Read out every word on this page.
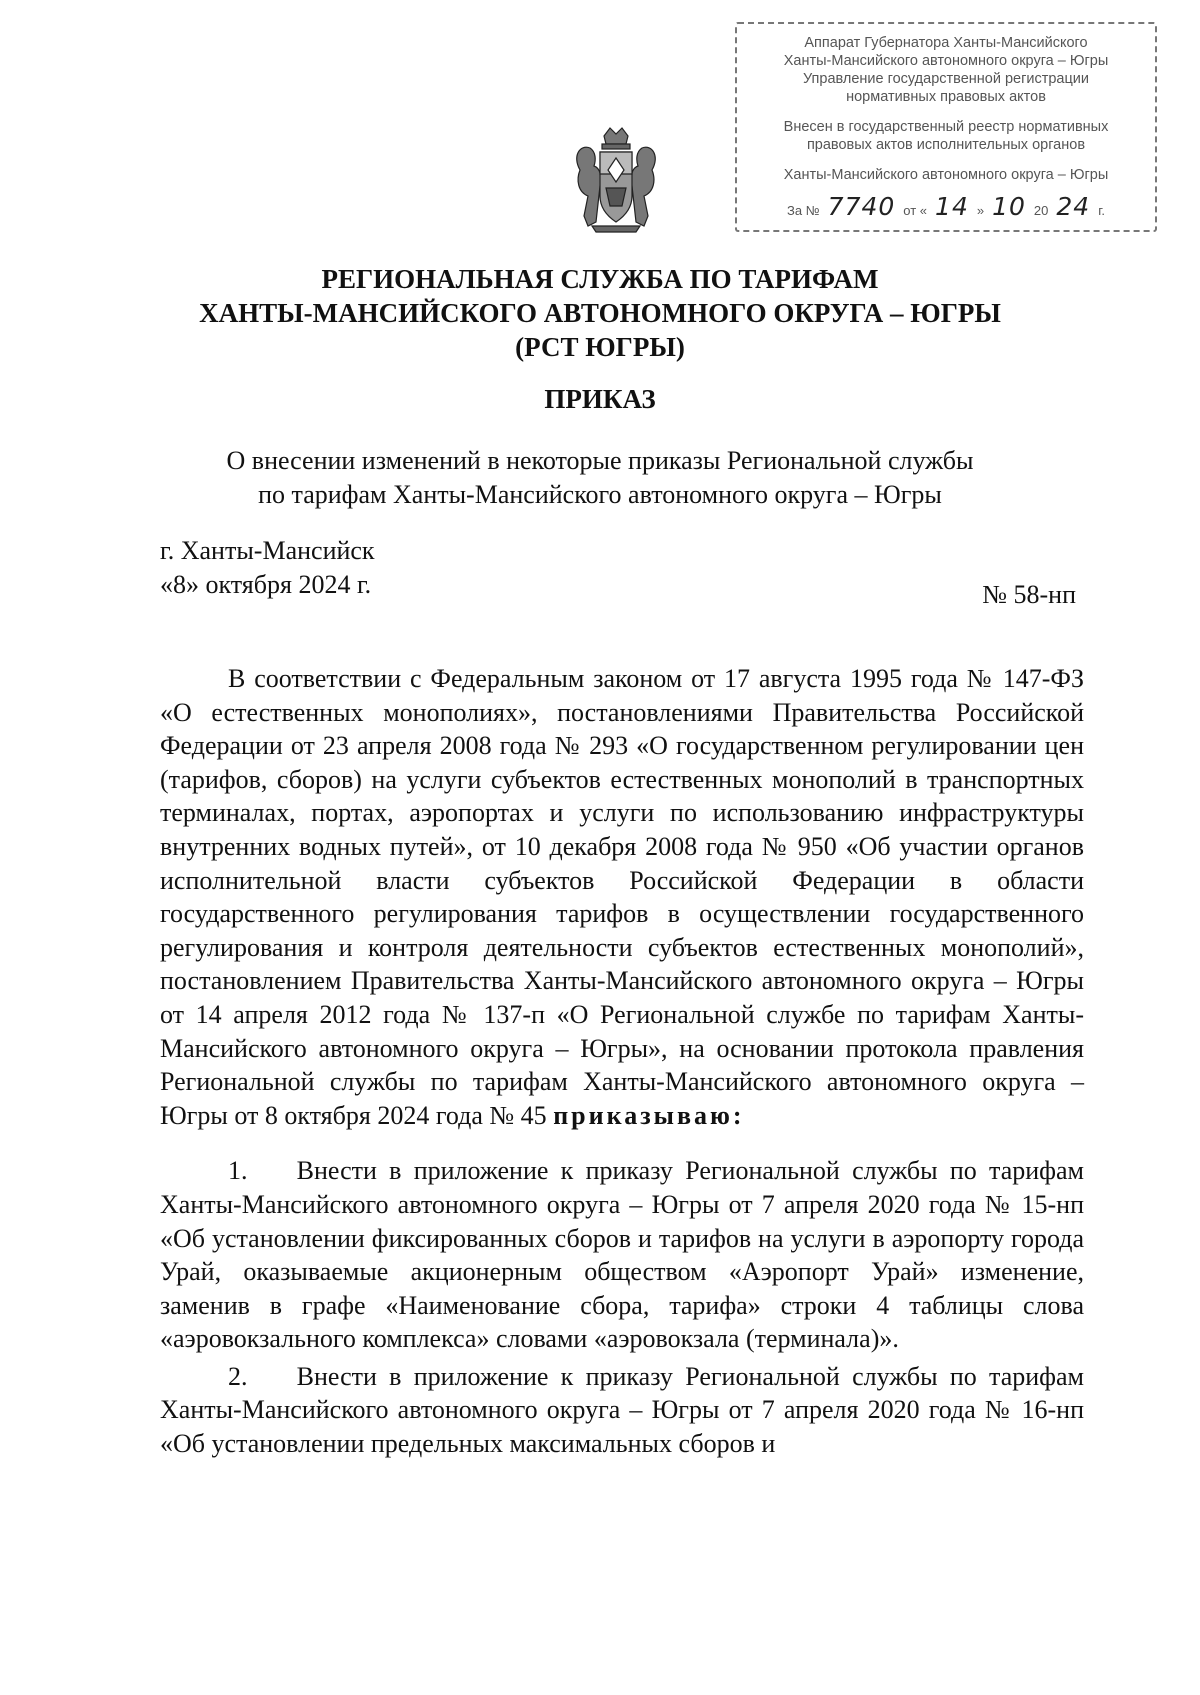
Аппарат Губернатора Ханты-Мансийского
Ханты-Мансийского автономного округа – Югры
Управление государственной регистрации
нормативных правовых актов
Внесен в государственный реестр нормативных
правовых актов исполнительных органов
Ханты-Мансийского автономного округа – Югры
За № 7740 от « 14 » 10 20 24 г.
РЕГИОНАЛЬНАЯ СЛУЖБА ПО ТАРИФАМ
ХАНТЫ-МАНСИЙСКОГО АВТОНОМНОГО ОКРУГА – ЮГРЫ
(РСТ ЮГРЫ)
ПРИКАЗ
О внесении изменений в некоторые приказы Региональной службы
по тарифам Ханты-Мансийского автономного округа – Югры
г. Ханты-Мансийск
«8» октября 2024 г.	№ 58-нп

В соответствии с Федеральным законом от 17 августа 1995 года № 147-ФЗ «О естественных монополиях», постановлениями Правительства Российской Федерации от 23 апреля 2008 года № 293 «О государственном регулировании цен (тарифов, сборов) на услуги субъектов естественных монополий в транспортных терминалах, портах, аэропортах и услуги по использованию инфраструктуры внутренних водных путей», от 10 декабря 2008 года № 950 «Об участии органов исполнительной власти субъектов Российской Федерации в области государственного регулирования тарифов в осуществлении государственного регулирования и контроля деятельности субъектов естественных монополий», постановлением Правительства Ханты-Мансийского автономного округа – Югры от 14 апреля 2012 года № 137-п «О Региональной службе по тарифам Ханты-Мансийского автономного округа – Югры», на основании протокола правления Региональной службы по тарифам Ханты-Мансийского автономного округа – Югры от 8 октября 2024 года № 45 приказываю:

1. Внести в приложение к приказу Региональной службы по тарифам Ханты-Мансийского автономного округа – Югры от 7 апреля 2020 года № 15-нп «Об установлении фиксированных сборов и тарифов на услуги в аэропорту города Урай, оказываемые акционерным обществом «Аэропорт Урай» изменение, заменив в графе «Наименование сбора, тарифа» строки 4 таблицы слова «аэровокзального комплекса» словами «аэровокзала (терминала)».

2. Внести в приложение к приказу Региональной службы по тарифам Ханты-Мансийского автономного округа – Югры от 7 апреля 2020 года № 16-нп «Об установлении предельных максимальных сборов и
